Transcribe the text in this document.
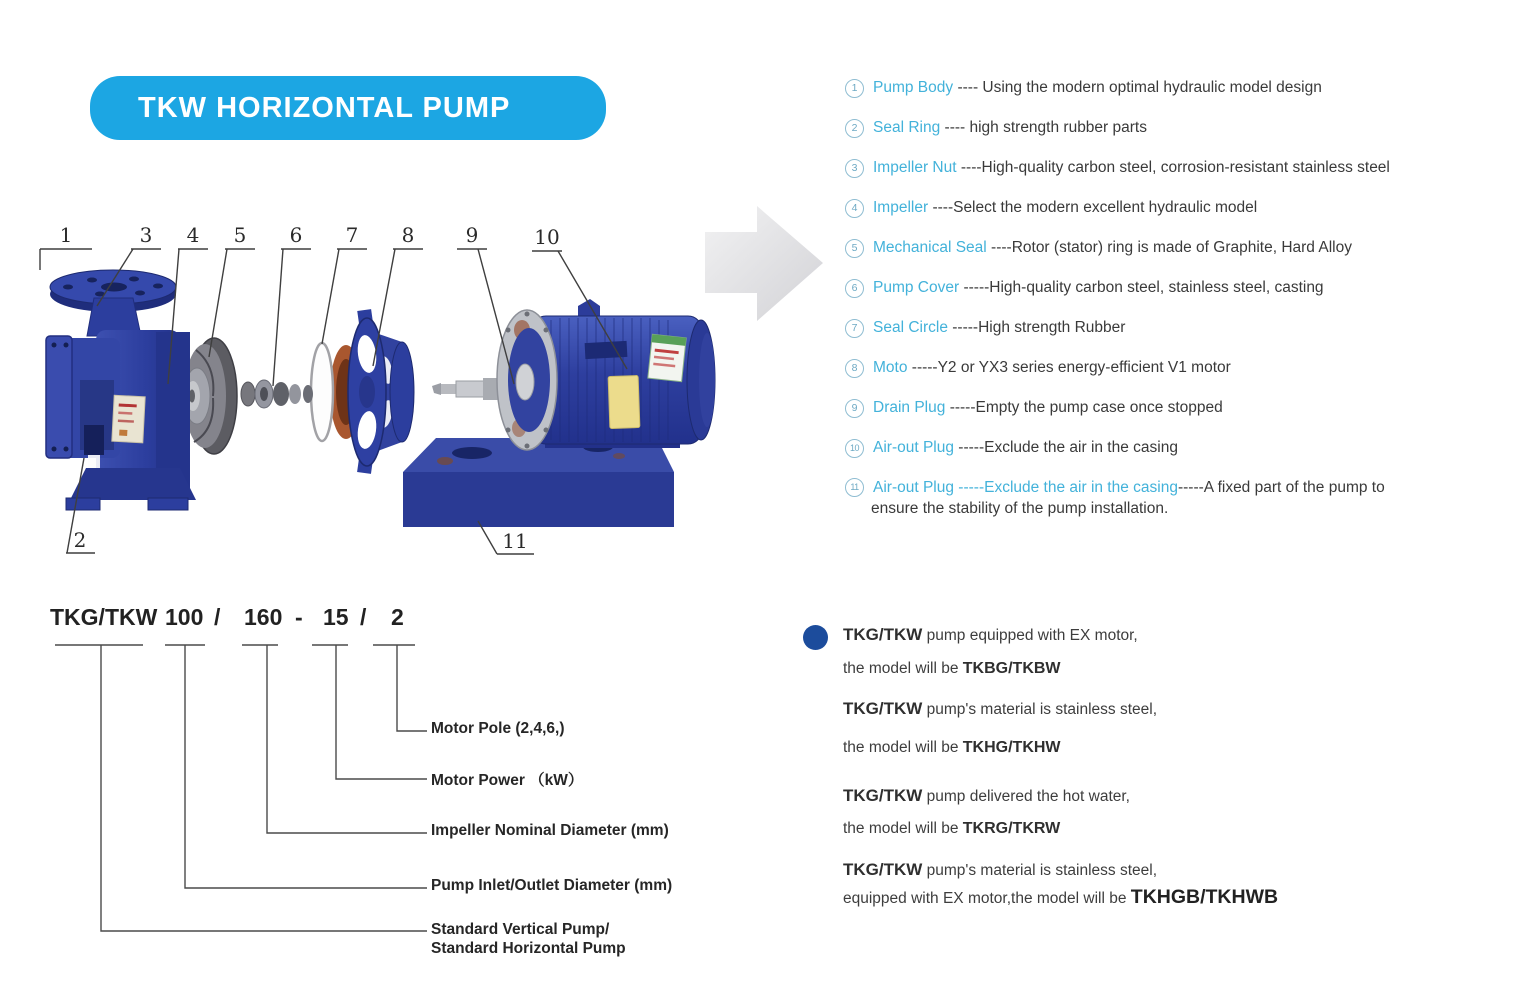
1
2
3 4 5 6 7 8	9	10
11
TKW HORIZONTAL PUMP
1	Pump Body ---- Using the modern optimal hydraulic model design
2	Seal Ring ---- high strength rubber parts
3	Impeller Nut ----High-quality carbon steel, corrosion-resistant stainless steel
4	Impeller ----Select the modern excellent hydraulic model
5	Mechanical Seal ----Rotor (stator) ring is made of Graphite, Hard Alloy
6	Pump Cover -----High-quality carbon steel, stainless steel, casting
7	Seal Circle -----High strength Rubber
8	Moto -----Y2 or YX3 series energy-efficient V1 motor
9	Drain Plug -----Empty the pump case once stopped
10 Air-out Plug -----Exclude the air in the casing
11 Air-out Plug -----Exclude the air in the casing -----A fixed part of the pump to
ensure the stability of the pump installation.
TKG/TKW 100 / 160 - 15 / 2
Motor Pole (2,4,6,)
Motor Power （kW）
Impeller Nominal Diameter (mm)
Pump Inlet/Outlet Diameter (mm)
Standard Vertical Pump/
Standard Horizontal Pump
TKG/TKW pump equipped with EX motor,
the model will be TKBG/TKBW
TKG/TKW pump's material is stainless steel,
the model will be TKHG/TKHW
TKG/TKW pump delivered the hot water,
the model will be TKRG/TKRW
TKG/TKW pump's material is stainless steel,
equipped with EX motor,the model will be TKHGB/TKHWB
